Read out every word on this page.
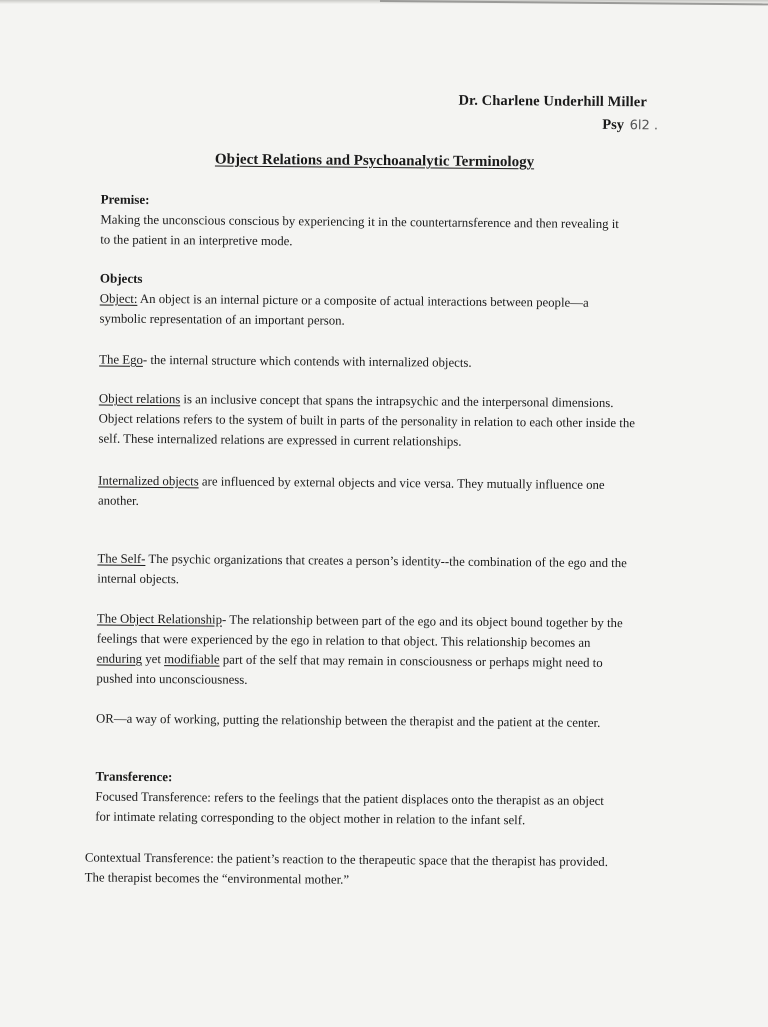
Dr. Charlene Underhill Miller
Psy 6l2 .
Object Relations and Psychoanalytic Terminology

Premise:

Making the unconscious conscious by experiencing it in the countertarnsference and then revealing it to the patient in an interpretive mode.

Objects

Object: An object is an internal picture or a composite of actual interactions between people—a symbolic representation of an important person.

The Ego- the internal structure which contends with internalized objects.

Object relations is an inclusive concept that spans the intrapsychic and the interpersonal dimensions. Object relations refers to the system of built in parts of the personality in relation to each other inside the self. These internalized relations are expressed in current relationships.

Internalized objects are influenced by external objects and vice versa. They mutually influence one another.

The Self- The psychic organizations that creates a person’s identity--the combination of the ego and the internal objects.

The Object Relationship- The relationship between part of the ego and its object bound together by the feelings that were experienced by the ego in relation to that object. This relationship becomes an enduring yet modifiable part of the self that may remain in consciousness or perhaps might need to pushed into unconsciousness.

OR—a way of working, putting the relationship between the therapist and the patient at the center.

Transference:

Focused Transference: refers to the feelings that the patient displaces onto the therapist as an object for intimate relating corresponding to the object mother in relation to the infant self.

Contextual Transference: the patient’s reaction to the therapeutic space that the therapist has provided. The therapist becomes the “environmental mother.”
